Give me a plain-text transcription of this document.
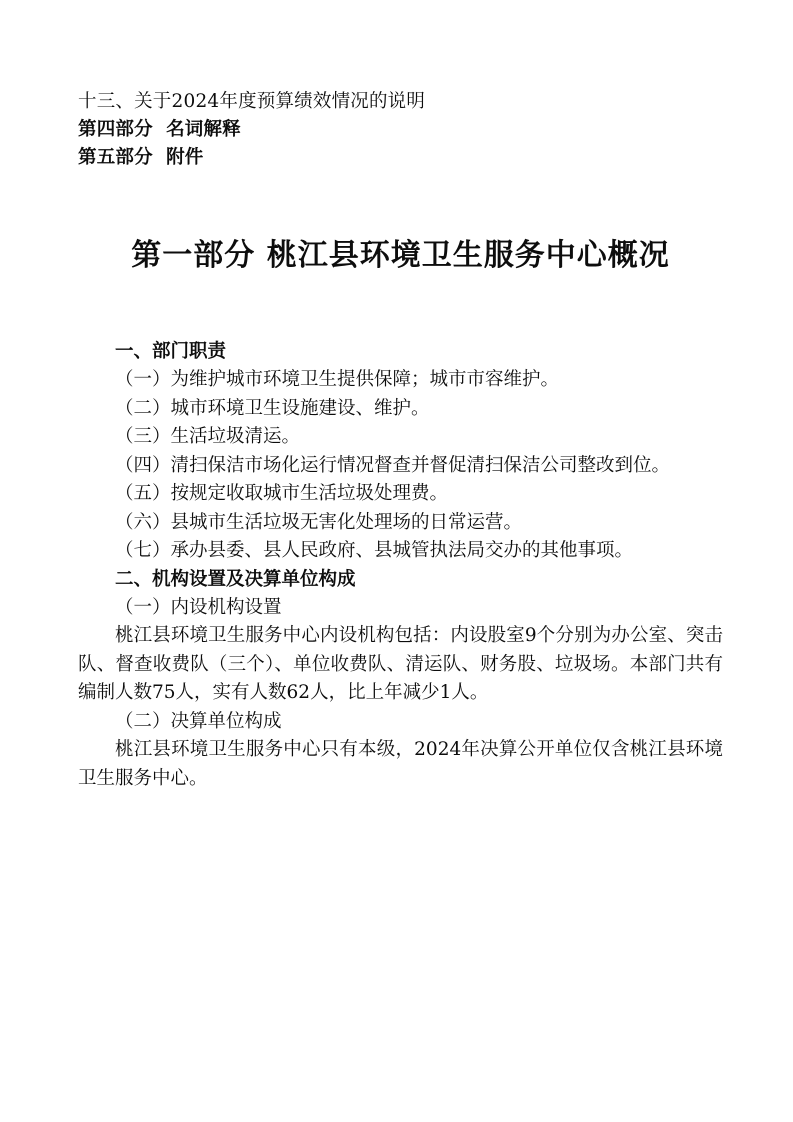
十三、关于2024年度预算绩效情况的说明
第四部分  名词解释
第五部分  附件
第一部分 桃江县环境卫生服务中心概况
一、部门职责
（一）为维护城市环境卫生提供保障；城市市容维护。
（二）城市环境卫生设施建设、维护。
（三）生活垃圾清运。
（四）清扫保洁市场化运行情况督查并督促清扫保洁公司整改到位。
（五）按规定收取城市生活垃圾处理费。
（六）县城市生活垃圾无害化处理场的日常运营。
（七）承办县委、县人民政府、县城管执法局交办的其他事项。
二、机构设置及决算单位构成
（一）内设机构设置
桃江县环境卫生服务中心内设机构包括：内设股室9个分别为办公室、突击队、督查收费队（三个）、单位收费队、清运队、财务股、垃圾场。本部门共有编制人数75人，实有人数62人，比上年减少1人。
（二）决算单位构成
桃江县环境卫生服务中心只有本级，2024年决算公开单位仅含桃江县环境卫生服务中心。
